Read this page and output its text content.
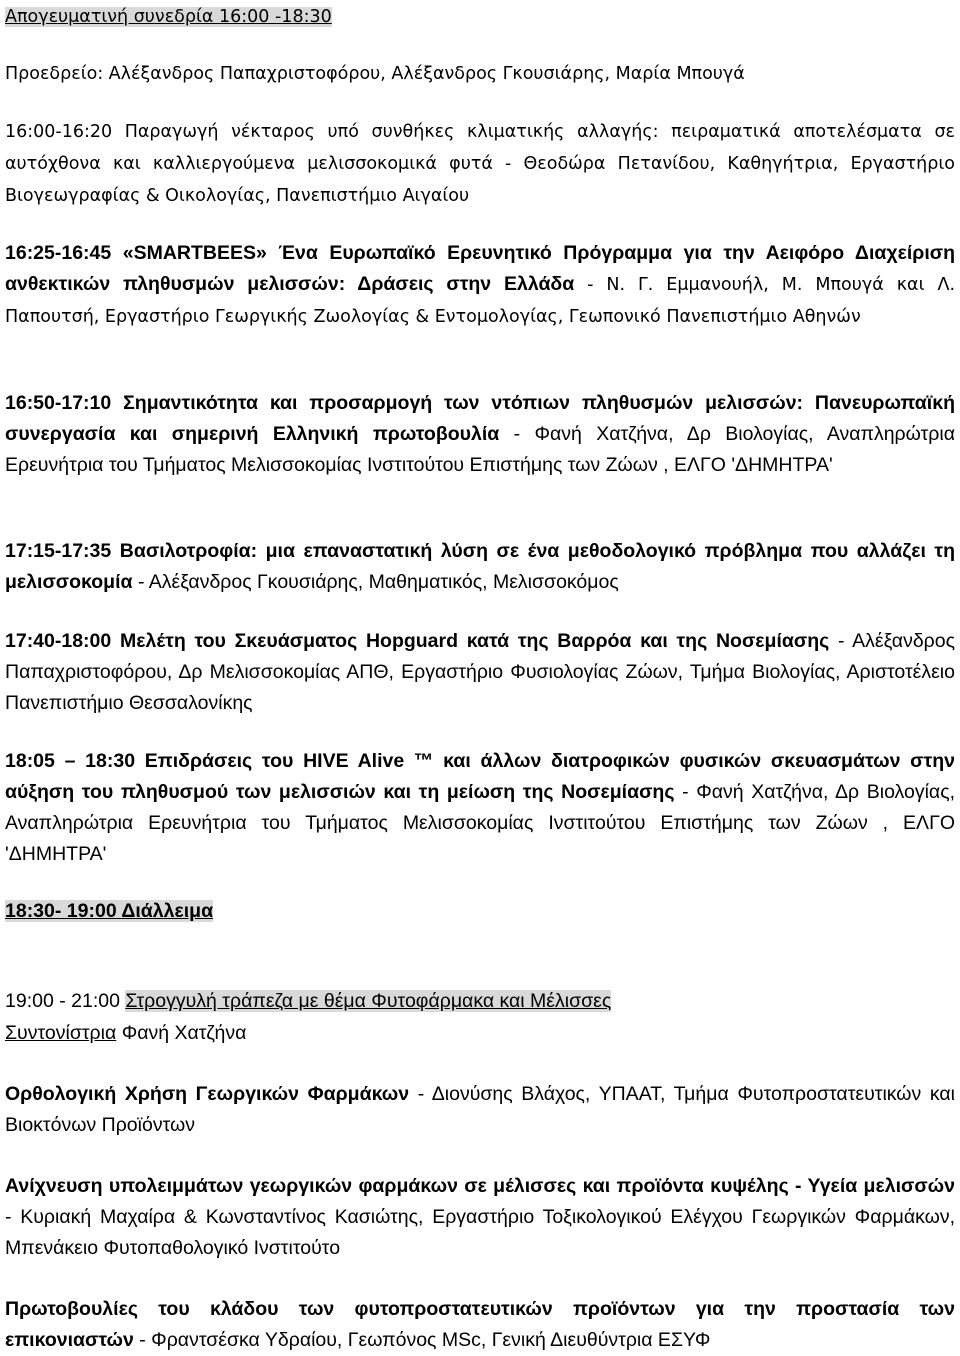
Απογευματινή συνεδρία 16:00 -18:30
Προεδρείο: Αλέξανδρος Παπαχριστοφόρου, Αλέξανδρος Γκουσιάρης, Μαρία Μπουγά
16:00-16:20 Παραγωγή νέκταρος υπό συνθήκες κλιματικής αλλαγής: πειραματικά αποτελέσματα σε αυτόχθονα και καλλιεργούμενα μελισσοκομικά φυτά - Θεοδώρα Πετανίδου, Καθηγήτρια, Εργαστήριο Βιογεωγραφίας & Οικολογίας, Πανεπιστήμιο Αιγαίου
16:25-16:45 «SMARTBEES» Ένα Ευρωπαϊκό Ερευνητικό Πρόγραμμα για την Αειφόρο Διαχείριση ανθεκτικών πληθυσμών μελισσών: Δράσεις στην Ελλάδα - Ν. Γ. Εμμανουήλ, Μ. Μπουγά και Λ. Παπουτσή, Εργαστήριο Γεωργικής Ζωολογίας & Εντομολογίας, Γεωπονικό Πανεπιστήμιο Αθηνών
16:50-17:10 Σημαντικότητα και προσαρμογή των ντόπιων πληθυσμών μελισσών: Πανευρωπαϊκή συνεργασία και σημερινή Ελληνική πρωτοβουλία - Φανή Χατζήνα, Δρ Βιολογίας, Αναπληρώτρια Ερευνήτρια του Τμήματος Μελισσοκομίας Ινστιτούτου Επιστήμης των Ζώων , ΕΛΓΟ 'ΔΗΜΗΤΡΑ'
17:15-17:35 Βασιλοτροφία: μια επαναστατική λύση σε ένα μεθοδολογικό πρόβλημα που αλλάζει τη μελισσοκομία - Αλέξανδρος Γκουσιάρης, Μαθηματικός, Μελισσοκόμος
17:40-18:00 Μελέτη του Σκευάσματος Hopguard κατά της Βαρρόα και της Νοσεμίασης - Αλέξανδρος Παπαχριστοφόρου, Δρ Μελισσοκομίας ΑΠΘ, Εργαστήριο Φυσιολογίας Ζώων, Τμήμα Βιολογίας, Αριστοτέλειο Πανεπιστήμιο Θεσσαλονίκης
18:05 – 18:30 Επιδράσεις του HIVE Alive ™ και άλλων διατροφικών φυσικών σκευασμάτων στην αύξηση του πληθυσμού των μελισσιών και τη μείωση της Νοσεμίασης - Φανή Χατζήνα, Δρ Βιολογίας, Αναπληρώτρια Ερευνήτρια του Τμήματος Μελισσοκομίας Ινστιτούτου Επιστήμης των Ζώων , ΕΛΓΟ 'ΔΗΜΗΤΡΑ'
18:30- 19:00 Διάλλειμα
19:00 - 21:00 Στρογγυλή τράπεζα με θέμα Φυτοφάρμακα και Μέλισσες
Συντονίστρια Φανή Χατζήνα
Ορθολογική Χρήση Γεωργικών Φαρμάκων - Διονύσης Βλάχος, ΥΠΑΑΤ, Τμήμα Φυτοπροστατευτικών και Βιοκτόνων Προϊόντων
Ανίχνευση υπολειμμάτων γεωργικών φαρμάκων σε μέλισσες και προϊόντα κυψέλης - Υγεία μελισσών - Κυριακή Μαχαίρα & Κωνσταντίνος Κασιώτης, Εργαστήριο Τοξικολογικού Ελέγχου Γεωργικών Φαρμάκων, Μπενάκειο Φυτοπαθολογικό Ινστιτούτο
Πρωτοβουλίες του κλάδου των φυτοπροστατευτικών προϊόντων για την προστασία των επικονιαστών - Φραντσέσκα Υδραίου, Γεωπόνος MSc, Γενική Διευθύντρια ΕΣΥΦ
